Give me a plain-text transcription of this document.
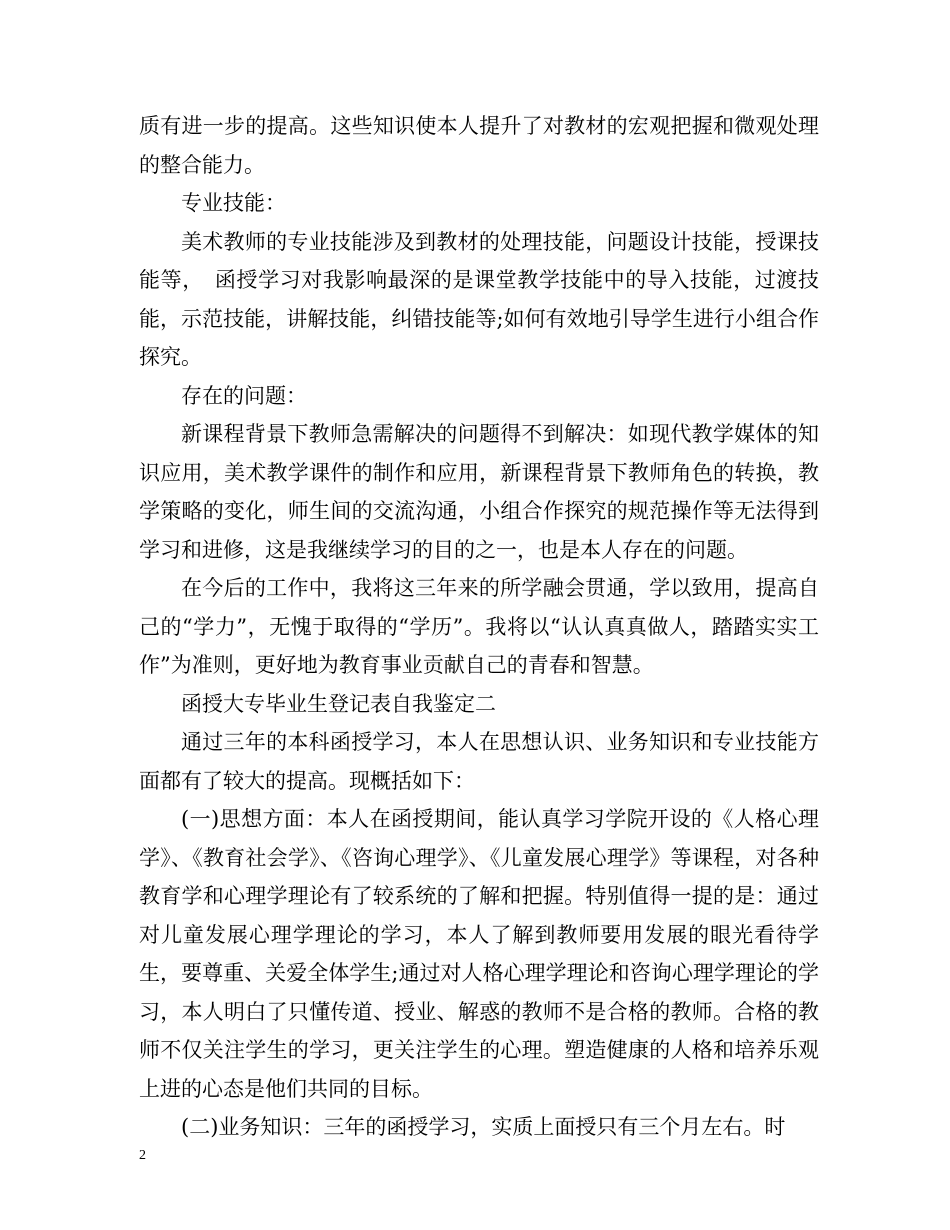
质有进一步的提高。这些知识使本人提升了对教材的宏观把握和微观处理的整合能力。

专业技能：

美术教师的专业技能涉及到教材的处理技能，问题设计技能，授课技能等，　函授学习对我影响最深的是课堂教学技能中的导入技能，过渡技能，示范技能，讲解技能，纠错技能等;如何有效地引导学生进行小组合作探究。

存在的问题：

新课程背景下教师急需解决的问题得不到解决：如现代教学媒体的知识应用，美术教学课件的制作和应用，新课程背景下教师角色的转换，教学策略的变化，师生间的交流沟通，小组合作探究的规范操作等无法得到学习和进修，这是我继续学习的目的之一，也是本人存在的问题。

在今后的工作中，我将这三年来的所学融会贯通，学以致用，提高自己的“学力”，无愧于取得的“学历”。我将以“认认真真做人，踏踏实实工作”为准则，更好地为教育事业贡献自己的青春和智慧。

函授大专毕业生登记表自我鉴定二

通过三年的本科函授学习，本人在思想认识、业务知识和专业技能方面都有了较大的提高。现概括如下：

(一)思想方面：本人在函授期间，能认真学习学院开设的《人格心理学》、《教育社会学》、《咨询心理学》、《儿童发展心理学》等课程，对各种教育学和心理学理论有了较系统的了解和把握。特别值得一提的是：通过对儿童发展心理学理论的学习，本人了解到教师要用发展的眼光看待学生，要尊重、关爱全体学生;通过对人格心理学理论和咨询心理学理论的学习，本人明白了只懂传道、授业、解惑的教师不是合格的教师。合格的教师不仅关注学生的学习，更关注学生的心理。塑造健康的人格和培养乐观上进的心态是他们共同的目标。

(二)业务知识：三年的函授学习，实质上面授只有三个月左右。时

2
